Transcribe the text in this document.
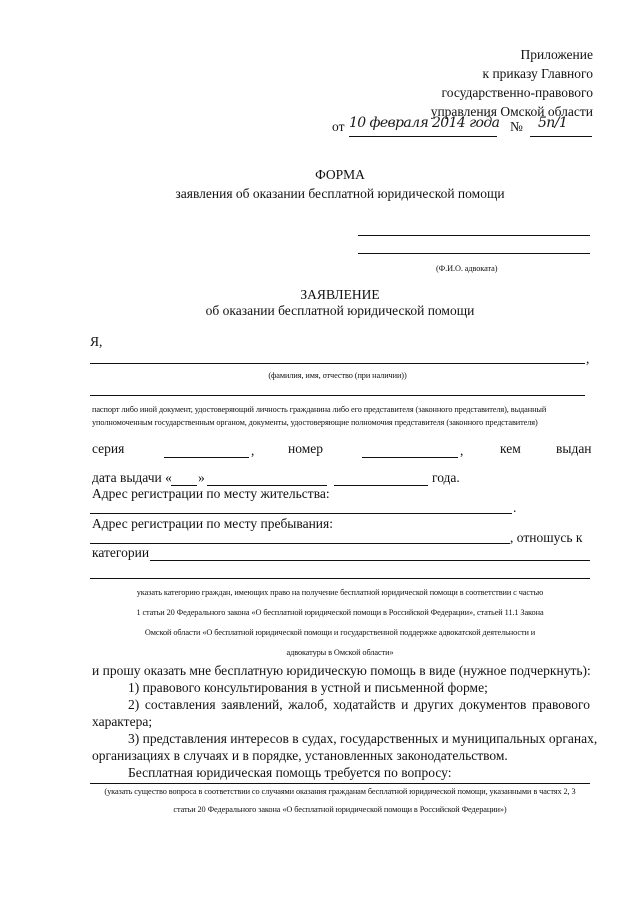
Приложение
к приказу Главного
государственно-правового
управления Омской области
от 10 февраля 2014 года № 5п/1
ФОРМА
заявления об оказании бесплатной юридической помощи
(Ф.И.О. адвоката)
ЗАЯВЛЕНИЕ
об оказании бесплатной юридической помощи
Я,
,
(фамилия, имя, отчество (при наличии))
паспорт либо иной документ, удостоверяющий личность гражданина либо его представителя (законного представителя), выданный
уполномоченным государственным органом, документы, удостоверяющие полномочия представителя (законного представителя)
серия	, номер	,	кем	выдан
дата выдачи « »	года.
Адрес регистрации по месту жительства:
.
Адрес регистрации по месту пребывания:
, отношусь к
категории
указать категорию граждан, имеющих право на получение бесплатной юридической помощи в соответствии с частью
1 статьи 20 Федерального закона «О бесплатной юридической помощи в Российской Федерации», статьей 11.1 Закона
Омской области «О бесплатной юридической помощи и государственной поддержке адвокатской деятельности и
адвокатуры в Омской области»
и прошу оказать мне бесплатную юридическую помощь в виде (нужное подчеркнуть):
1) правового консультирования в устной и письменной форме;
2) составления заявлений, жалоб, ходатайств и других документов правового
характера;
3) представления интересов в судах, государственных и муниципальных органах,
организациях в случаях и в порядке, установленных законодательством.
Бесплатная юридическая помощь требуется по вопросу:
(указать существо вопроса в соответствии со случаями оказания гражданам бесплатной юридической помощи, указанными в частях 2, 3
статьи 20 Федерального закона «О бесплатной юридической помощи в Российской Федерации»)
